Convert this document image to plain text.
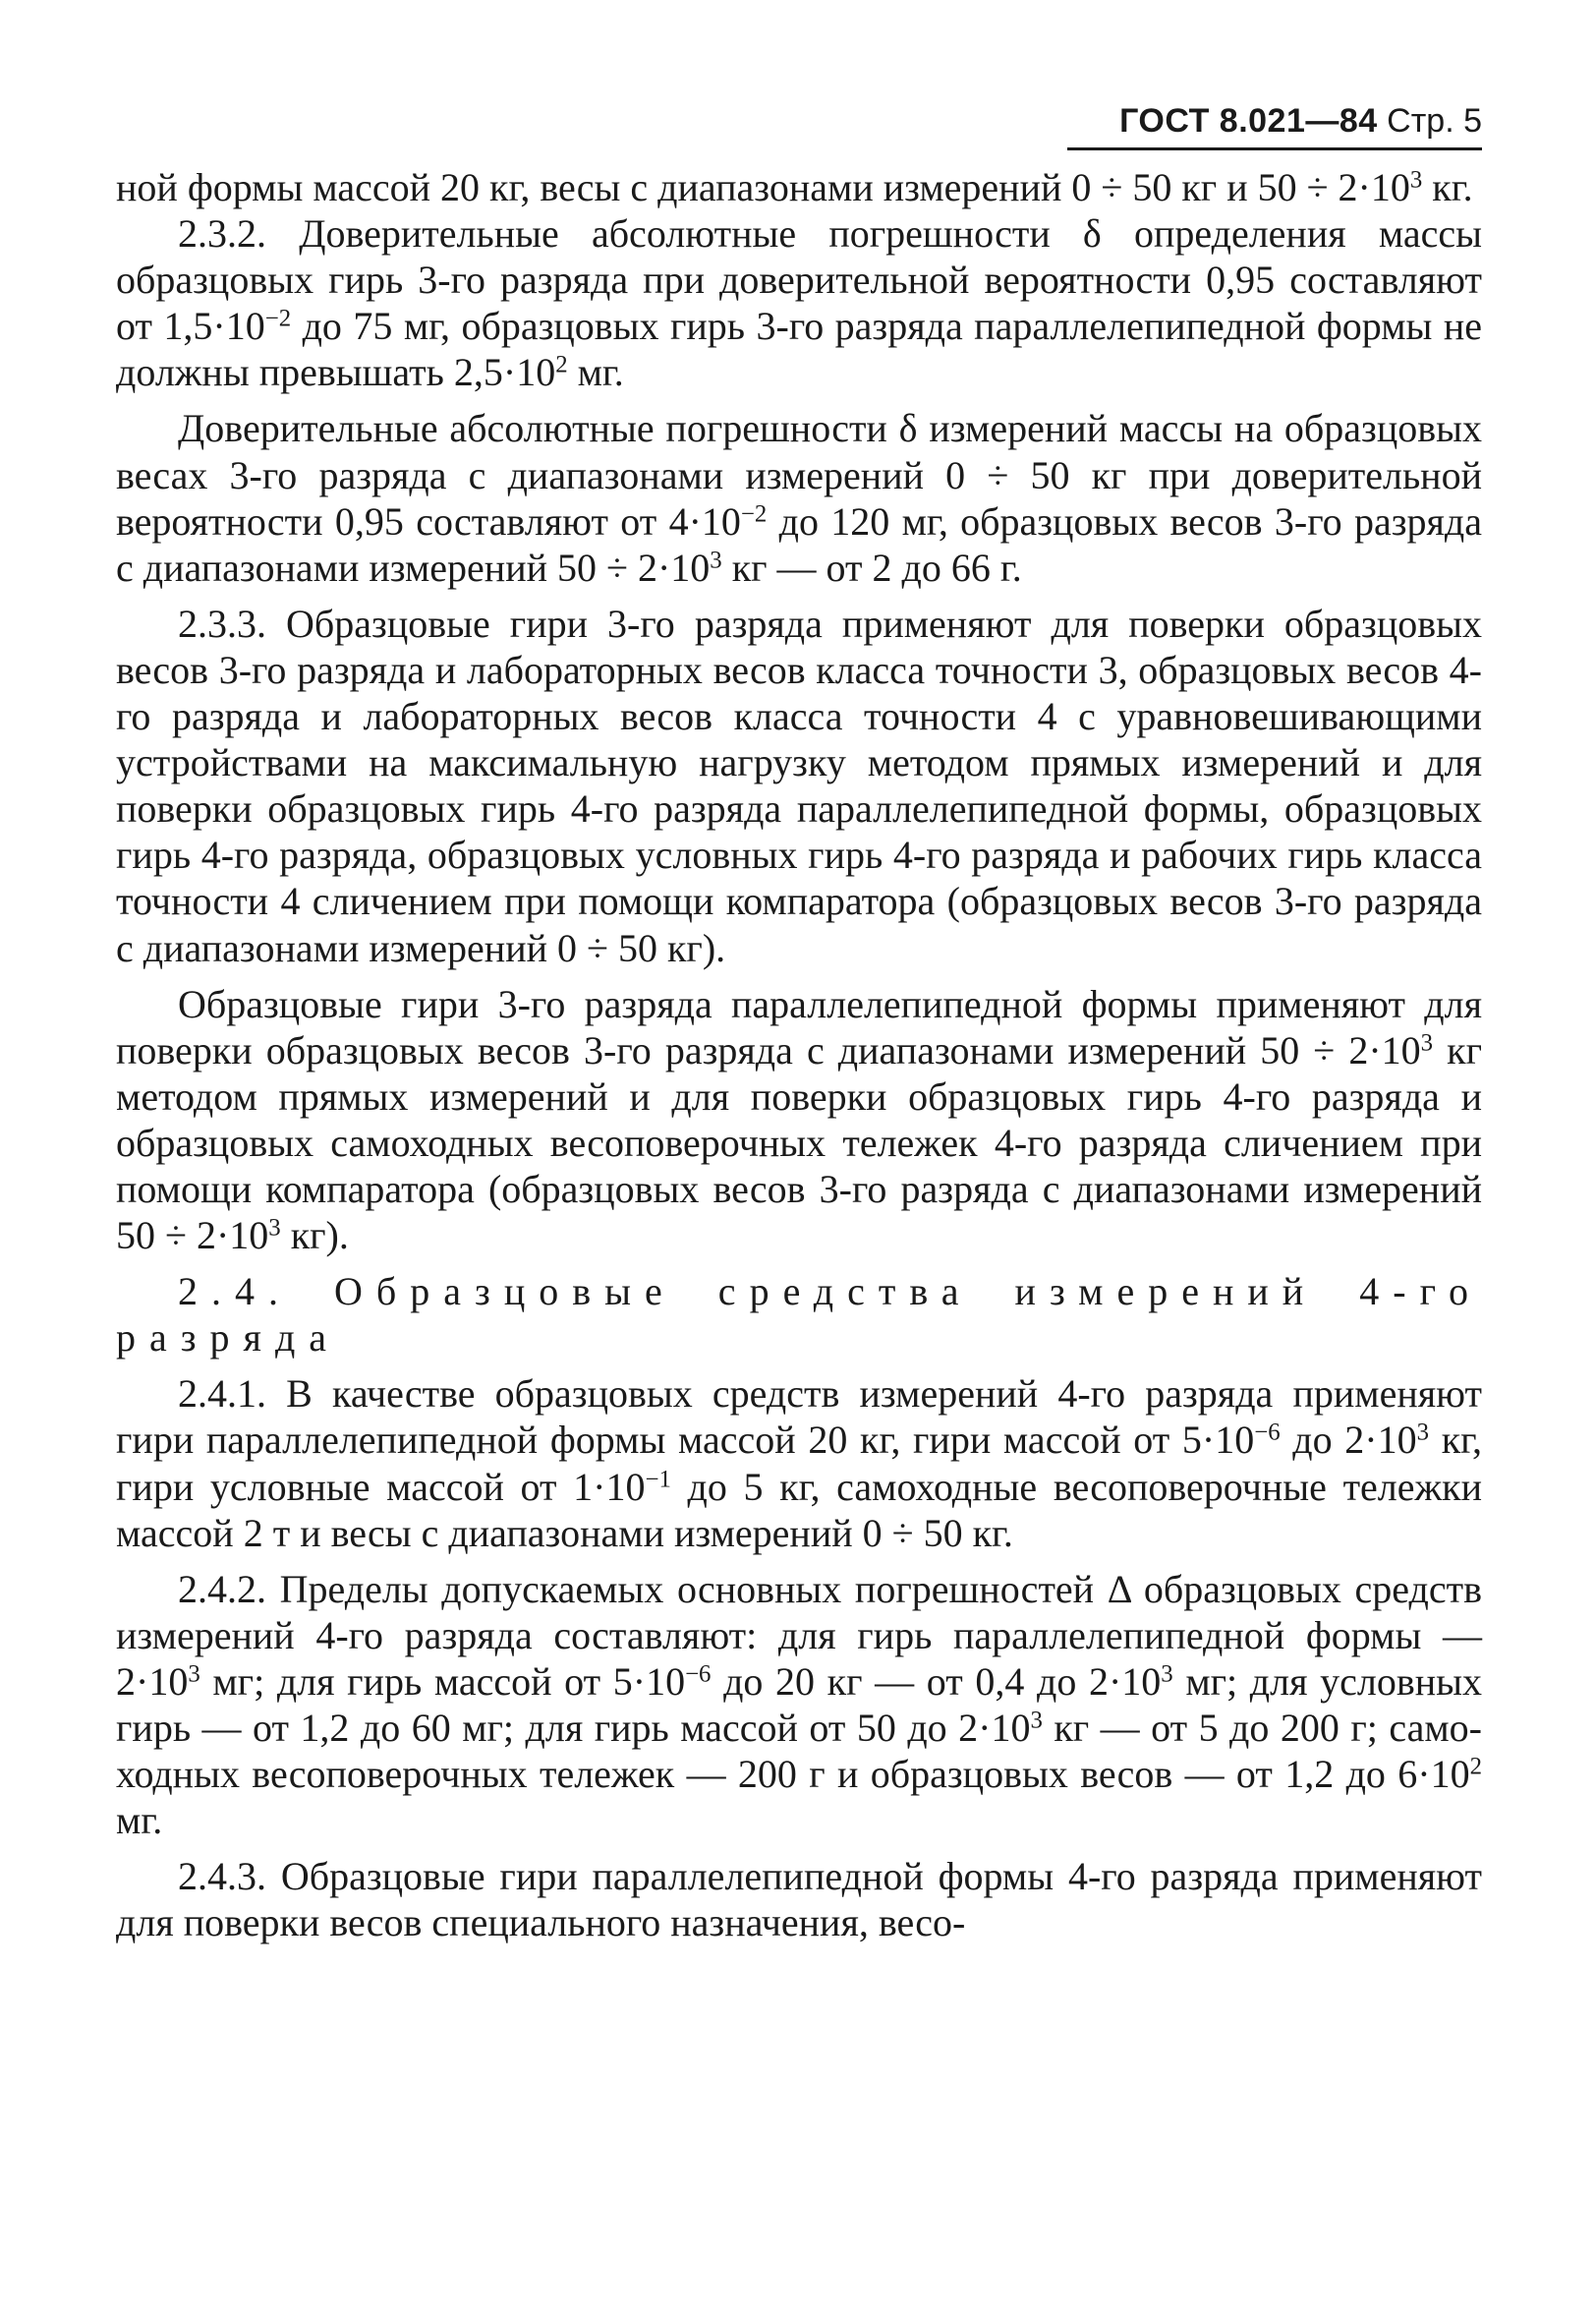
ГОСТ 8.021—84 Стр. 5

ной формы массой 20 кг, весы с диапазонами измерений 0 ÷ 50 кг и $50 \div 2\cdot 10^3$ кг.

2.3.2. Доверительные абсолютные погрешности δ определения массы образцовых гирь 3-го разряда при доверительной вероятности 0,95 составляют от $1,5\cdot 10^{-2}$ до 75 мг, образцовых гирь 3-го разряда параллелепипедной формы не должны превышать $2,5\cdot 10^2$ мг.

Доверительные абсолютные погрешности δ измерений массы на образцовых весах 3-го разряда с диапазонами измерений 0 ÷ 50 кг при доверительной вероятности 0,95 составляют от $4\cdot 10^{-2}$ до 120 мг, образцовых весов 3-го разряда с диапазонами измерений $50 \div 2\cdot 10^3$ кг — от 2 до 66 г.

2.3.3. Образцовые гири 3-го разряда применяют для поверки образцовых весов 3-го разряда и лабораторных весов класса точности 3, образцовых весов 4-го разряда и лабораторных весов класса точности 4 с уравновешивающими устройствами на максимальную нагрузку методом прямых измерений и для поверки образцовых гирь 4-го разряда параллелепипедной формы, образцовых гирь 4-го разряда, образцовых условных гирь 4-го разряда и рабочих гирь класса точности 4 сличением при помощи компаратора (образцовых весов 3-го разряда с диапазонами измерений 0 ÷ 50 кг).

Образцовые гири 3-го разряда параллелепипедной формы применяют для поверки образцовых весов 3-го разряда с диапазонами измерений $50 \div 2\cdot 10^3$ кг методом прямых измерений и для поверки образцовых гирь 4-го разряда и образцовых самоходных весоповерочных тележек 4-го разряда сличением при помощи компаратора (образцовых весов 3-го разряда с диапазонами измерений $50 \div 2\cdot 10^3$ кг).

2.4. Образцовые средства измерений 4-го разряда

2.4.1. В качестве образцовых средств измерений 4-го разряда применяют гири параллелепипедной формы массой 20 кг, гири массой от $5\cdot 10^{-6}$ до $2\cdot 10^3$ кг, гири условные массой от $1\cdot 10^{-1}$ до 5 кг, самоходные весоповерочные тележки массой 2 т и весы с диапазонами измерений 0 ÷ 50 кг.

2.4.2. Пределы допускаемых основных погрешностей Δ образцовых средств измерений 4-го разряда составляют: для гирь параллелепипедной формы — $2\cdot 10^3$ мг; для гирь массой от $5\cdot 10^{-6}$ до 20 кг — от 0,4 до $2\cdot 10^3$ мг; для условных гирь — от 1,2 до 60 мг; для гирь массой от 50 до $2\cdot 10^3$ кг — от 5 до 200 г; самоходных весоповерочных тележек — 200 г и образцовых весов — от 1,2 до $6\cdot 10^2$ мг.

2.4.3. Образцовые гири параллелепипедной формы 4-го разряда применяют для поверки весов специального назначения, весо-
